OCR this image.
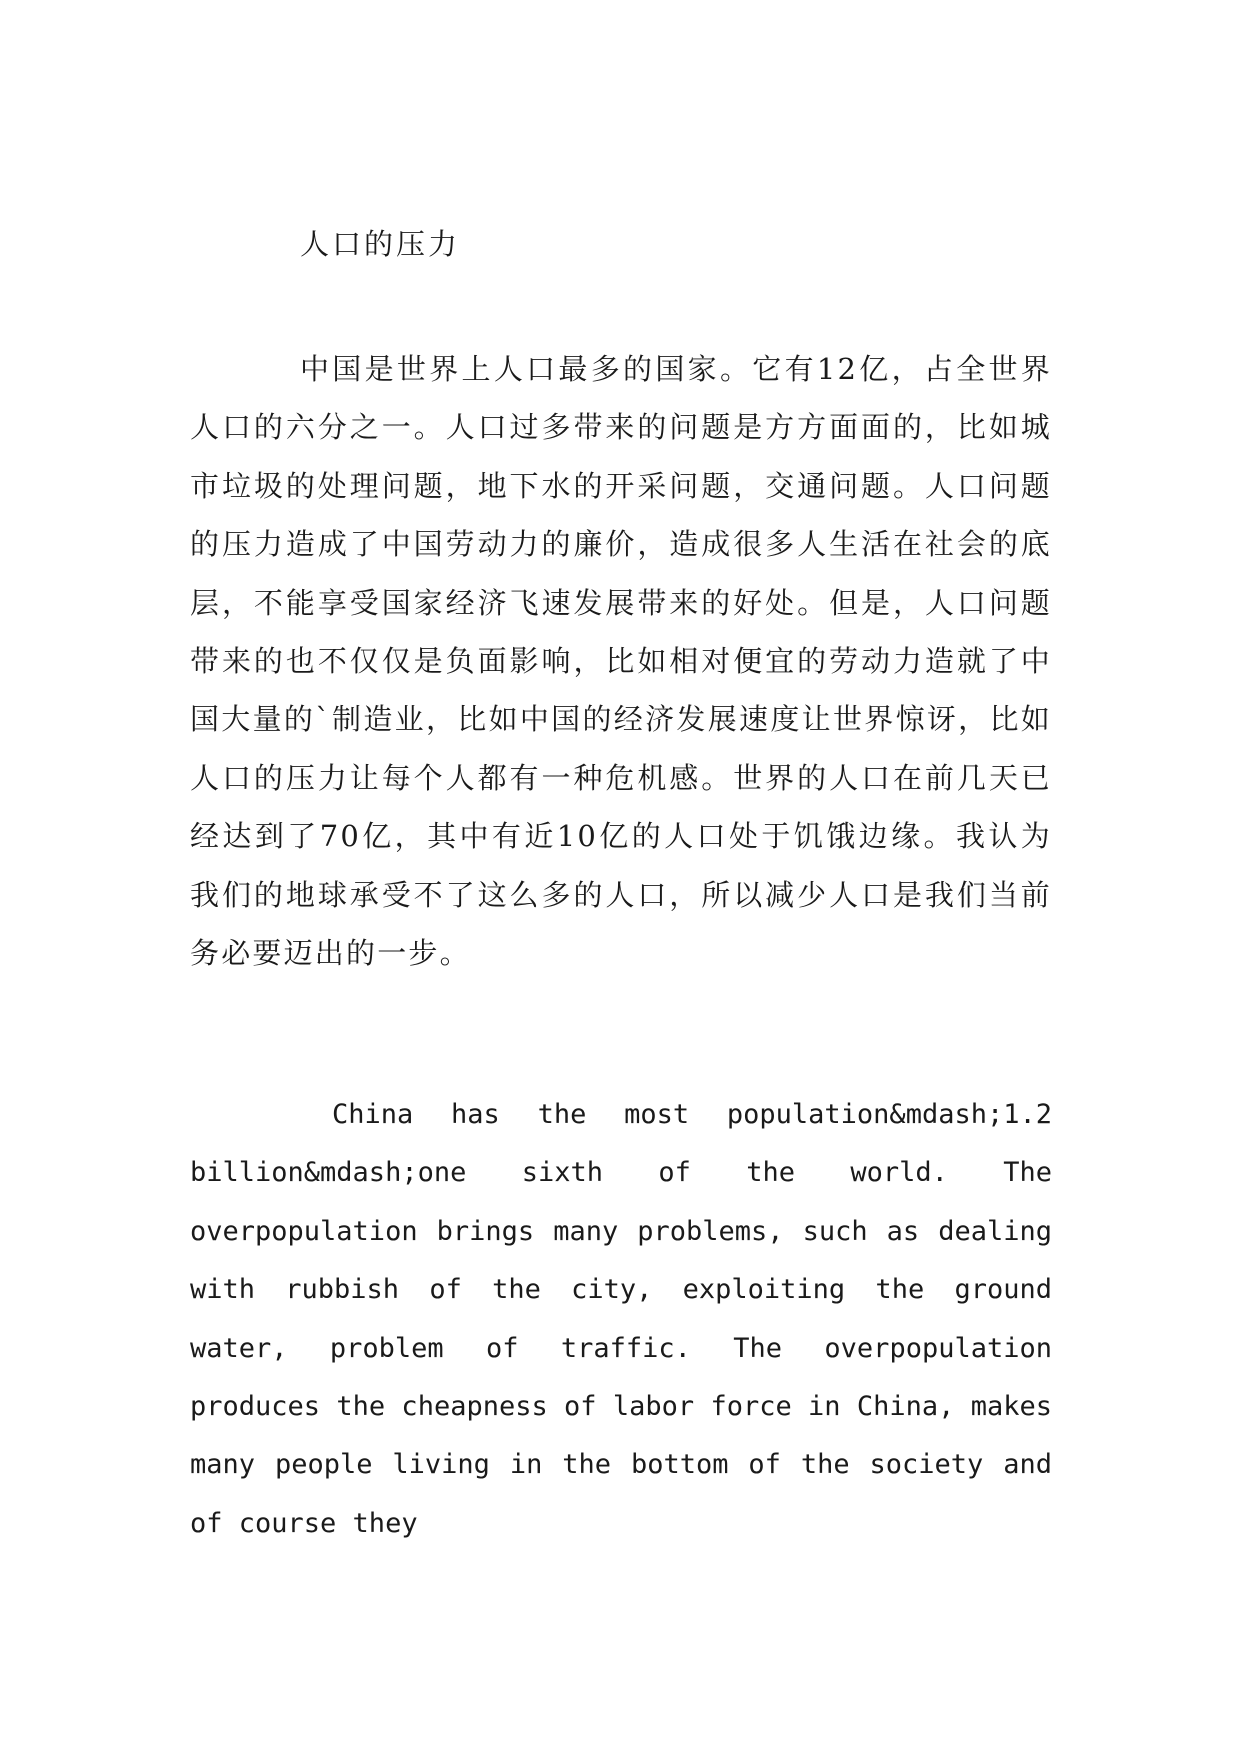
人口的压力

中国是世界上人口最多的国家。它有12亿，占全世界人口的六分之一。人口过多带来的问题是方方面面的，比如城市垃圾的处理问题，地下水的开采问题，交通问题。人口问题的压力造成了中国劳动力的廉价，造成很多人生活在社会的底层，不能享受国家经济飞速发展带来的好处。但是，人口问题带来的也不仅仅是负面影响，比如相对便宜的劳动力造就了中国大量的`制造业，比如中国的经济发展速度让世界惊讶，比如人口的压力让每个人都有一种危机感。世界的人口在前几天已经达到了70亿，其中有近10亿的人口处于饥饿边缘。我认为我们的地球承受不了这么多的人口，所以减少人口是我们当前务必要迈出的一步。

China has the most population&mdash;1.2 billion&mdash;one sixth of the world. The overpopulation brings many problems, such as dealing with rubbish of the city, exploiting the ground water, problem of traffic. The overpopulation produces the cheapness of labor force in China, makes many people living in the bottom of the society and of course they
